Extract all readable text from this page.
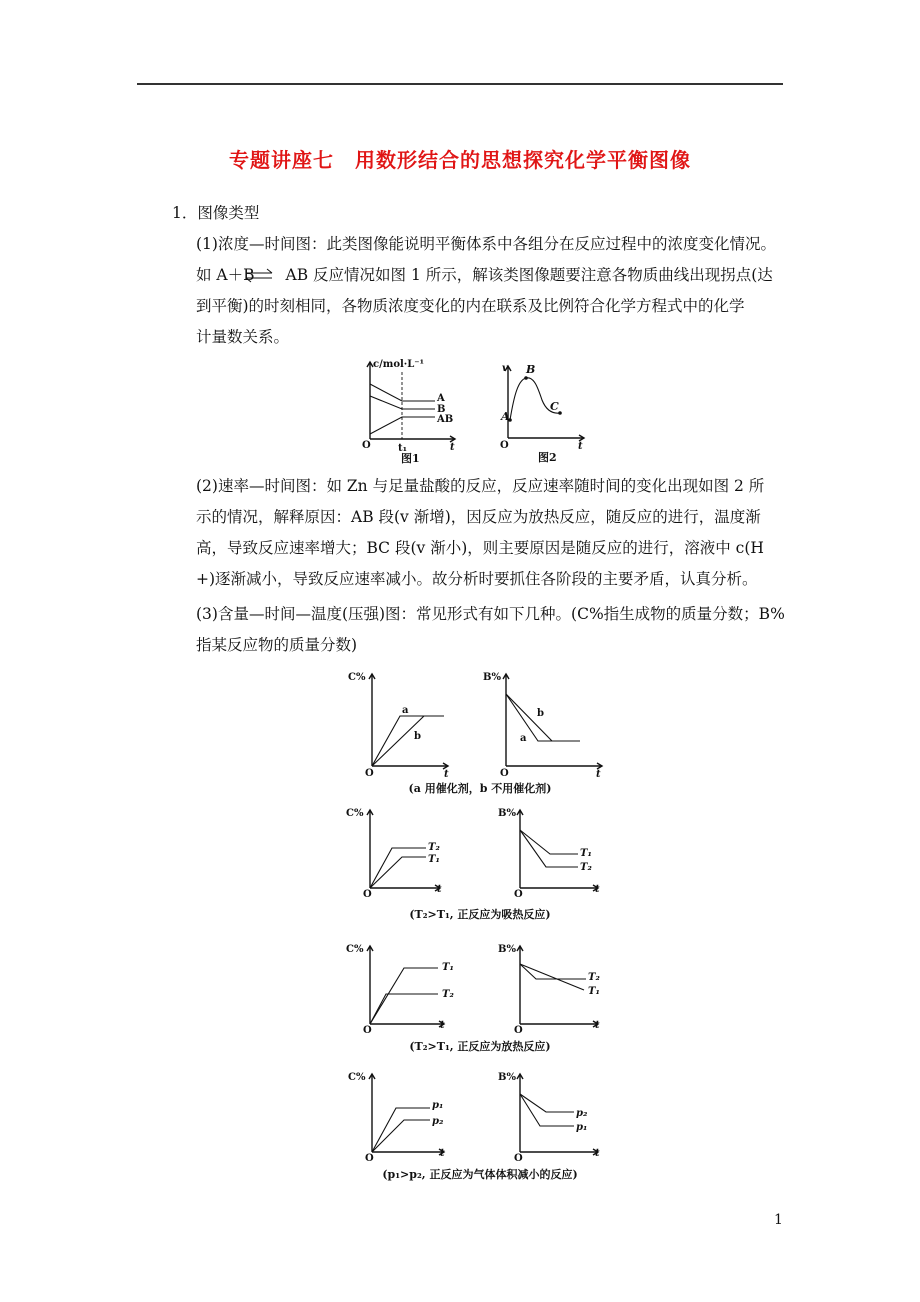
专题讲座七　用数形结合的思想探究化学平衡图像
1．图像类型
(1)浓度—时间图：此类图像能说明平衡体系中各组分在反应过程中的浓度变化情况。
如 A＋B　　AB 反应情况如图 1 所示，解该类图像题要注意各物质曲线出现拐点(达
到平衡)的时刻相同，各物质浓度变化的内在联系及比例符合化学方程式中的化学
计量数关系。
c/mol·L⁻¹
A
B
AB
O	t₁	t
图1
v
A
B
C
O	t
图2
(2)速率—时间图：如 Zn 与足量盐酸的反应，反应速率随时间的变化出现如图 2 所
示的情况，解释原因：AB 段(v 渐增)，因反应为放热反应，随反应的进行，温度渐
高，导致反应速率增大；BC 段(v 渐小)，则主要原因是随反应的进行，溶液中 c(H
+)逐渐减小，导致反应速率减小。故分析时要抓住各阶段的主要矛盾，认真分析。
(3)含量—时间—温度(压强)图：常见形式有如下几种。(C%指生成物的质量分数；B%
指某反应物的质量分数)
C%
a
b
O	t
B%
b
a
O	t
(a 用催化剂，b 不用催化剂)
C%
T₂
T₁
O	t
B%
T₁
T₂
O	t
(T₂>T₁, 正反应为吸热反应)
C%
T₁
T₂
O	t
B%
T₂
T₁
O	t
(T₂>T₁, 正反应为放热反应)
C%
p₁
p₂
O	t
B%
p₂
p₁
O	t
(p₁>p₂, 正反应为气体体积减小的反应)
1
